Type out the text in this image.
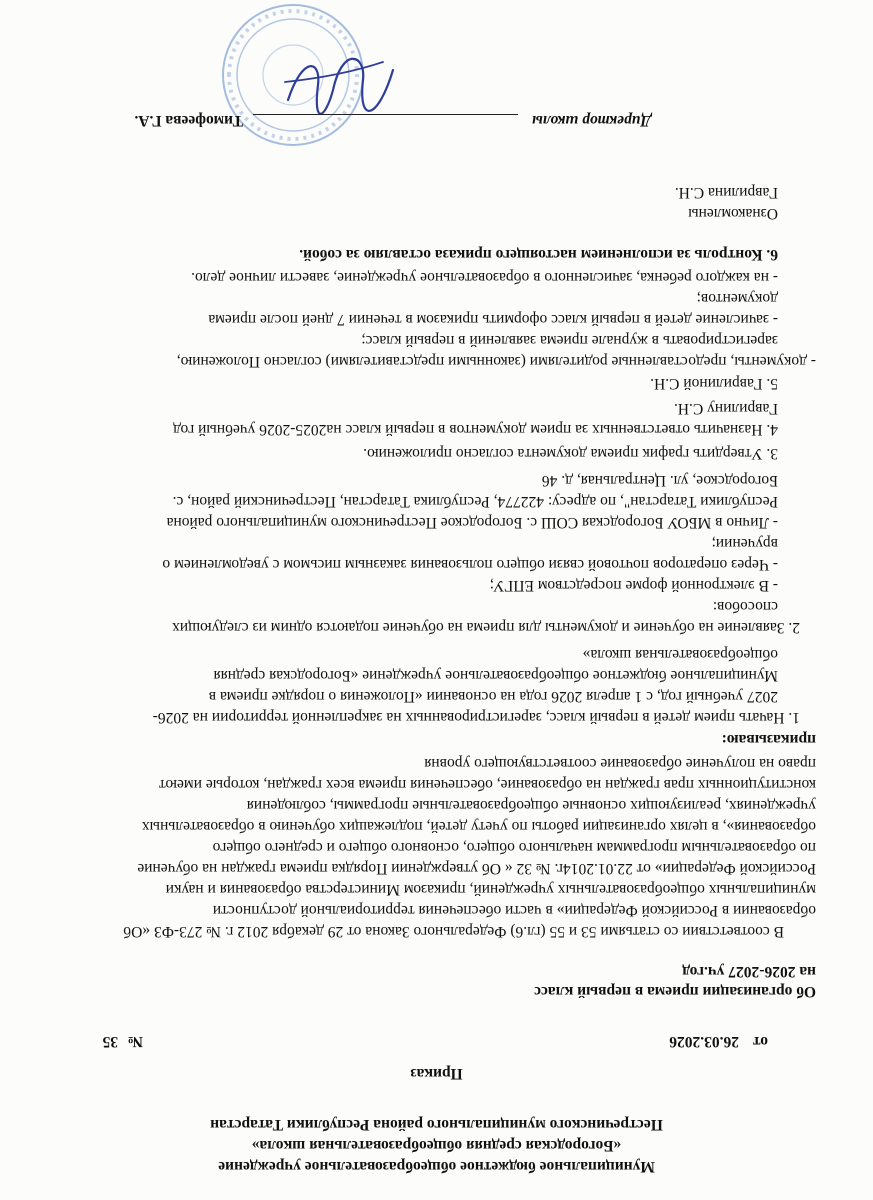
Муниципальное бюджетное общеобразовательное учреждение
«Богородская средняя общеобразовательная школа»
Пестречинского муниципального района Республики Татарстан
Приказ
от
26.03.2026
№
35
Об организации приема в первый класс
на 2026-2027 уч.год
В соответствии со статьями 53 и 55 (гл.6) Федерального Закона от 29 декабря 2012 г. № 273-ФЗ «Об
образовании в Российской Федерации» в части обеспечения территориальной доступности
муниципальных общеобразовательных учреждений, приказом Министерства образования и науки
Российской Федерации» от 22.01.2014г. № 32 « Об утверждении Порядка приема граждан на обучение
по образовательным программам начального общего, основного общего и среднего общего
образования», в целях организации работы по учету детей, подлежащих обучению в образовательных
учреждениях, реализующих основные общеобразовательные программы, соблюдения
конституционных прав граждан на образование, обеспечения приема всех граждан, которые имеют
право на получение образование соответствующего уровня
приказываю:
1. Начать прием детей в первый класс, зарегистрированных на закрепленной территории на 2026-
2027 учебный год, с 1 апреля 2026 года на основании «Положения о порядке приема в
Муниципальное бюджетное общеобразовательное учреждение «Богородская средняя
общеобразовательная школа»
2. Заявление на обучение и документы для приема на обучение подаются одним из следующих
способов:
- В электронной форме посредством ЕПГУ;
- Через операторов почтовой связи общего пользования заказным письмом с уведомлением о
вручении;
- Лично в МБОУ Богородская СОШ с. Богородское Пестречинского муниципального района
Республики Татарстан", по адресу: 422774, Республика Татарстан, Пестречинский район, с.
Богородское, ул. Центральная, д. 46
3. Утвердить график приема документа согласно приложению.
4. Назначить ответственных за прием документов в первый класс на2025-2026 учебный год
Гаврилину С.Н.
5. Гаврилиной С.Н.
- документы, предоставленные родителями (законными представителями) согласно Положению,
зарегистрировать в журнале приема заявлений в первый класс;
- зачисление детей в первый класс оформить приказом в течении 7 дней после приема
документов;
- на каждого ребенка, зачисленного в образовательное учреждение, завести личное дело.
6. Контроль за исполнением настоящего приказа оставляю за собой.
Ознакомлены
Гаврилина С.Н.
Директор школы
Тимофеева Г.А.
